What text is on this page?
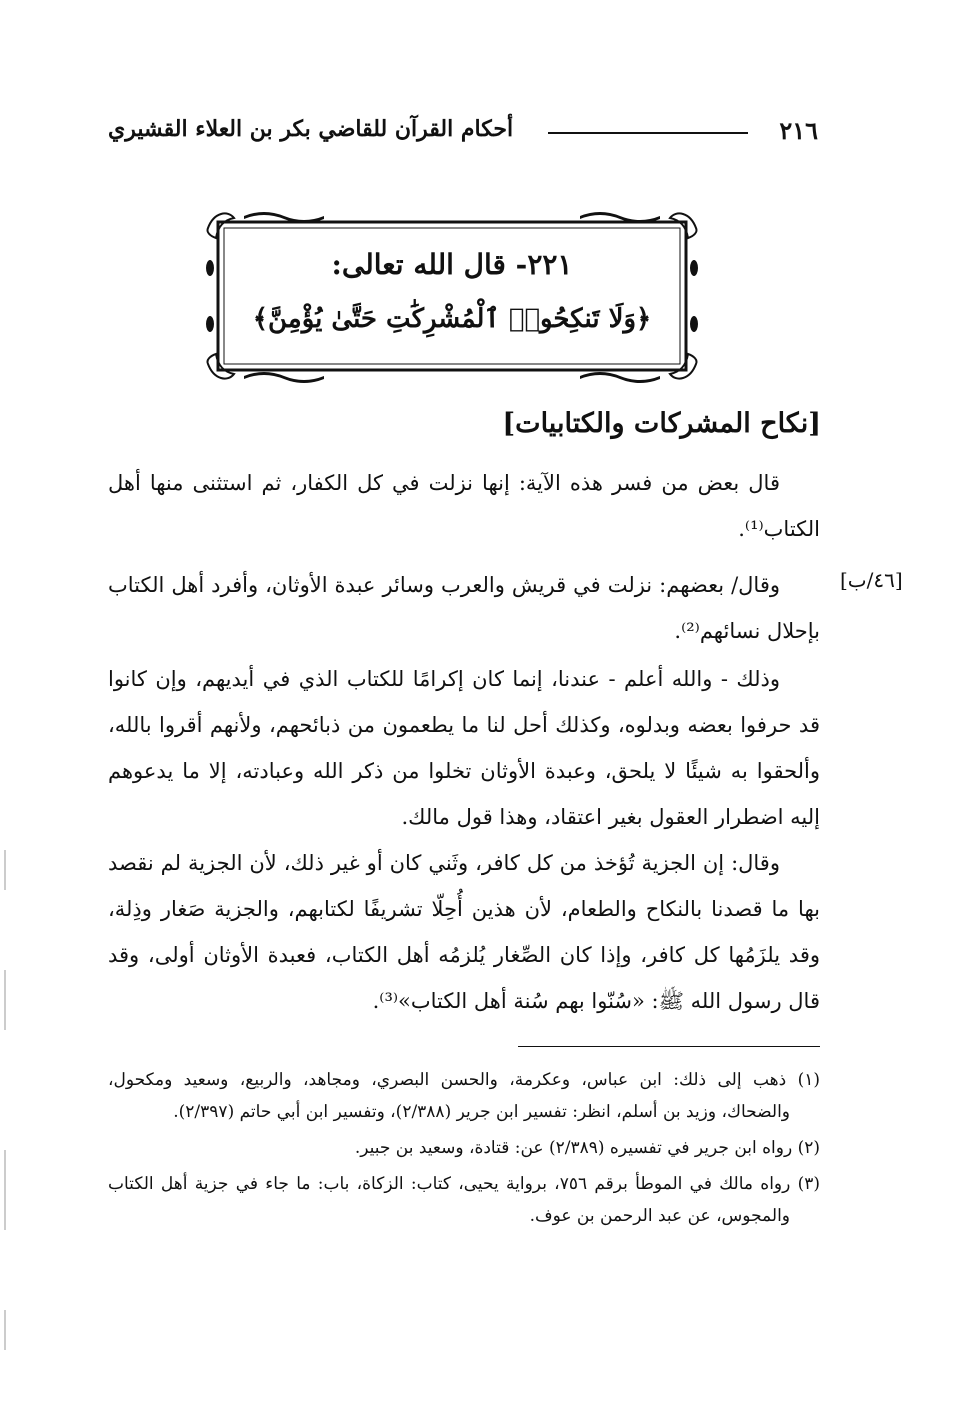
٢١٦
أحكام القرآن للقاضي بكر بن العلاء القشيري
٢٢١- قال الله تعالى:
﴿وَلَا تَنكِحُوا۟ ٱلْمُشْرِكَٰتِ حَتَّىٰ يُؤْمِنَّ﴾
[نكاح المشركات والكتابيات]
[٤٦/ب]

قال بعض من فسر هذه الآية: إنها نزلت في كل الكفار، ثم استثنى منها أهل الكتاب⁽¹⁾.

وقال/ بعضهم: نزلت في قريش والعرب وسائر عبدة الأوثان، وأفرد أهل الكتاب بإحلال نسائهم⁽²⁾.

وذلك - والله أعلم - عندنا، إنما كان إكرامًا للكتاب الذي في أيديهم، وإن كانوا قد حرفوا بعضه وبدلوه، وكذلك أحل لنا ما يطعمون من ذبائحهم، ولأنهم أقروا بالله، وألحقوا به شيئًا لا يلحق، وعبدة الأوثان تخلوا من ذكر الله وعبادته، إلا ما يدعوهم إليه اضطرار العقول بغير اعتقاد، وهذا قول مالك.

وقال: إن الجزية تُؤخذ من كل كافر، وثَني كان أو غير ذلك، لأن الجزية لم نقصد بها ما قصدنا بالنكاح والطعام، لأن هذين أُحِلّا تشريفًا لكتابهم، والجزية صَغار وذِلة، وقد يلزَمُها كل كافر، وإذا كان الصِّغار يُلزمُه أهل الكتاب، فعبدة الأوثان أولى، وقد قال رسول الله ﷺ: «سُنّوا بهم سُنة أهل الكتاب»⁽³⁾.

(١) ذهب إلى ذلك: ابن عباس، وعكرمة، والحسن البصري، ومجاهد، والربيع، وسعيد ومكحول، والضحاك، وزيد بن أسلم، انظر: تفسير ابن جرير (٢/٣٨٨)، وتفسير ابن أبي حاتم (٢/٣٩٧).

(٢) رواه ابن جرير في تفسيره (٢/٣٨٩) عن: قتادة، وسعيد بن جبير.

(٣) رواه مالك في الموطأ برقم ٧٥٦، برواية يحيى، كتاب: الزكاة، باب: ما جاء في جزية أهل الكتاب والمجوس، عن عبد الرحمن بن عوف.
